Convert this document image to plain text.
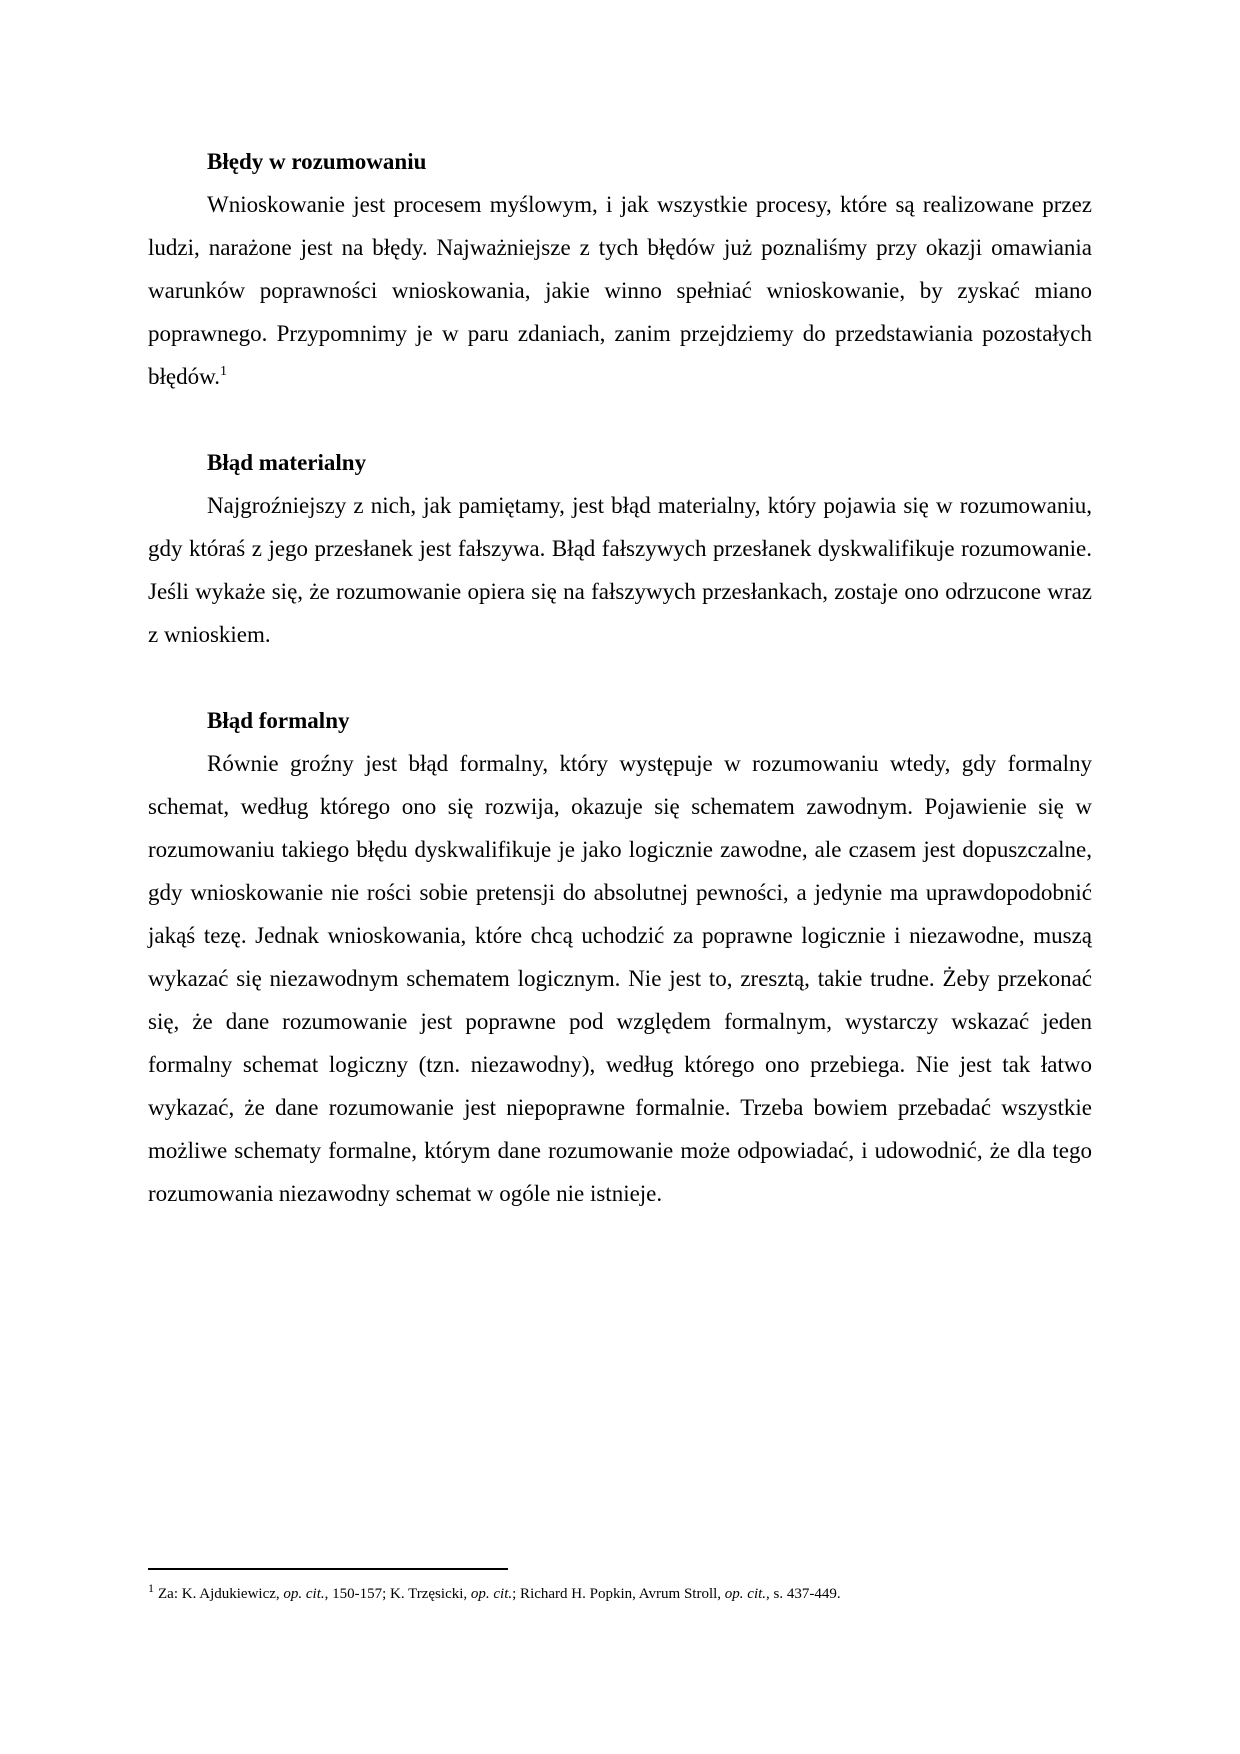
Błędy w rozumowaniu

Wnioskowanie jest procesem myślowym, i jak wszystkie procesy, które są realizowane przez ludzi, narażone jest na błędy. Najważniejsze z tych błędów już poznaliśmy przy okazji omawiania warunków poprawności wnioskowania, jakie winno spełniać wnioskowanie, by zyskać miano poprawnego. Przypomnimy je w paru zdaniach, zanim przejdziemy do przedstawiania pozostałych błędów.$^1$

Błąd materialny

Najgroźniejszy z nich, jak pamiętamy, jest błąd materialny, który pojawia się w rozumowaniu, gdy któraś z jego przesłanek jest fałszywa. Błąd fałszywych przesłanek dyskwalifikuje rozumowanie. Jeśli wykaże się, że rozumowanie opiera się na fałszywych przesłankach, zostaje ono odrzucone wraz z wnioskiem.

Błąd formalny

Równie groźny jest błąd formalny, który występuje w rozumowaniu wtedy, gdy formalny schemat, według którego ono się rozwija, okazuje się schematem zawodnym. Pojawienie się w rozumowaniu takiego błędu dyskwalifikuje je jako logicznie zawodne, ale czasem jest dopuszczalne, gdy wnioskowanie nie rości sobie pretensji do absolutnej pewności, a jedynie ma uprawdopodobnić jakąś tezę. Jednak wnioskowania, które chcą uchodzić za poprawne logicznie i niezawodne, muszą wykazać się niezawodnym schematem logicznym. Nie jest to, zresztą, takie trudne. Żeby przekonać się, że dane rozumowanie jest poprawne pod względem formalnym, wystarczy wskazać jeden formalny schemat logiczny (tzn. niezawodny), według którego ono przebiega. Nie jest tak łatwo wykazać, że dane rozumowanie jest niepoprawne formalnie. Trzeba bowiem przebadać wszystkie możliwe schematy formalne, którym dane rozumowanie może odpowiadać, i udowodnić, że dla tego rozumowania niezawodny schemat w ogóle nie istnieje.

$^1$ Za: K. Ajdukiewicz, op. cit., 150-157; K. Trzęsicki, op. cit.; Richard H. Popkin, Avrum Stroll, op. cit., s. 437-449.
